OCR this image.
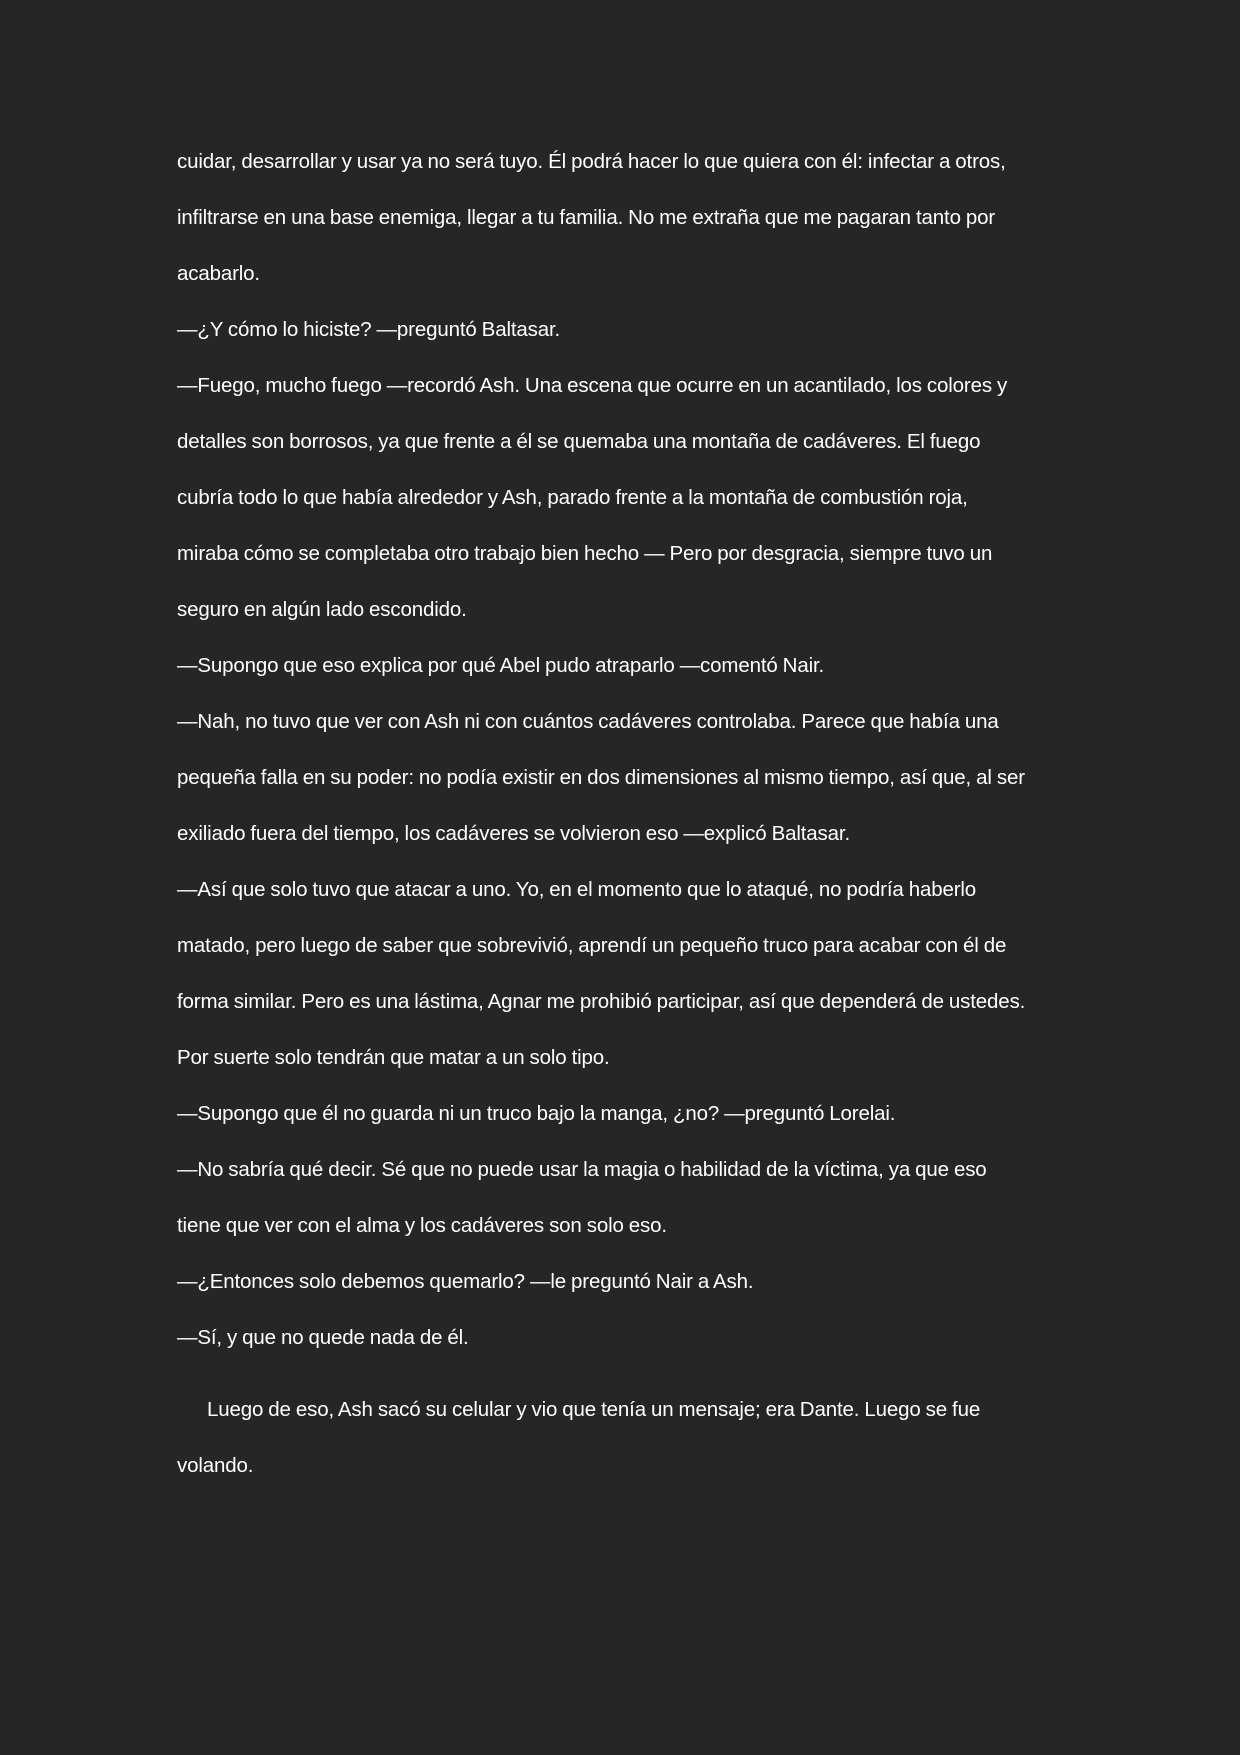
cuidar, desarrollar y usar ya no será tuyo. Él podrá hacer lo que quiera con él: infectar a otros,

infiltrarse en una base enemiga, llegar a tu familia. No me extraña que me pagaran tanto por

acabarlo.

—¿Y cómo lo hiciste? —preguntó Baltasar.

—Fuego, mucho fuego —recordó Ash. Una escena que ocurre en un acantilado, los colores y

detalles son borrosos, ya que frente a él se quemaba una montaña de cadáveres. El fuego

cubría todo lo que había alrededor y Ash, parado frente a la montaña de combustión roja,

miraba cómo se completaba otro trabajo bien hecho — Pero por desgracia, siempre tuvo un

seguro en algún lado escondido.

—Supongo que eso explica por qué Abel pudo atraparlo —comentó Nair.

—Nah, no tuvo que ver con Ash ni con cuántos cadáveres controlaba. Parece que había una

pequeña falla en su poder: no podía existir en dos dimensiones al mismo tiempo, así que, al ser

exiliado fuera del tiempo, los cadáveres se volvieron eso —explicó Baltasar.

—Así que solo tuvo que atacar a uno. Yo, en el momento que lo ataqué, no podría haberlo

matado, pero luego de saber que sobrevivió, aprendí un pequeño truco para acabar con él de

forma similar. Pero es una lástima, Agnar me prohibió participar, así que dependerá de ustedes.

Por suerte solo tendrán que matar a un solo tipo.

—Supongo que él no guarda ni un truco bajo la manga, ¿no? —preguntó Lorelai.

—No sabría qué decir. Sé que no puede usar la magia o habilidad de la víctima, ya que eso

tiene que ver con el alma y los cadáveres son solo eso.

—¿Entonces solo debemos quemarlo? —le preguntó Nair a Ash.

—Sí, y que no quede nada de él.

Luego de eso, Ash sacó su celular y vio que tenía un mensaje; era Dante. Luego se fue

volando.
